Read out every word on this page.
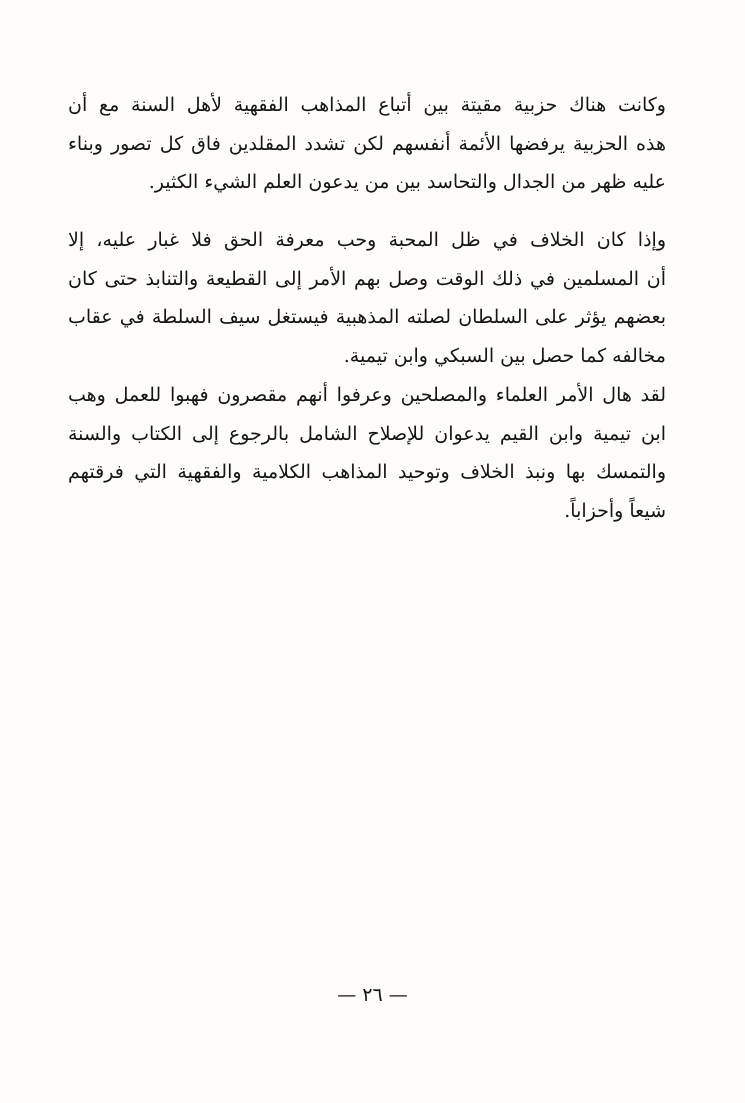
وكانت هناك حزبية مقيتة بين أتباع المذاهب الفقهية لأهل السنة مع أن
هذه الحزبية يرفضها الأئمة أنفسهم لكن تشدد المقلدين فاق كل تصور وبناء
عليه ظهر من الجدال والتحاسد بين من يدعون العلم الشيء الكثير.
وإذا كان الخلاف في ظل المحبة وحب معرفة الحق فلا غبار عليه، إلا
أن المسلمين في ذلك الوقت وصل بهم الأمر إلى القطيعة والتنابذ حتى كان
بعضهم يؤثر على السلطان لصلته المذهبية فيستغل سيف السلطة في عقاب
مخالفه كما حصل بين السبكي وابن تيمية.
لقد هال الأمر العلماء والمصلحين وعرفوا أنهم مقصرون فهبوا للعمل وهب
ابن تيمية وابن القيم يدعوان للإصلاح الشامل بالرجوع إلى الكتاب والسنة
والتمسك بها ونبذ الخلاف وتوحيد المذاهب الكلامية والفقهية التي فرقتهم
شيعاً وأحزاباً.
— ٢٦ —
